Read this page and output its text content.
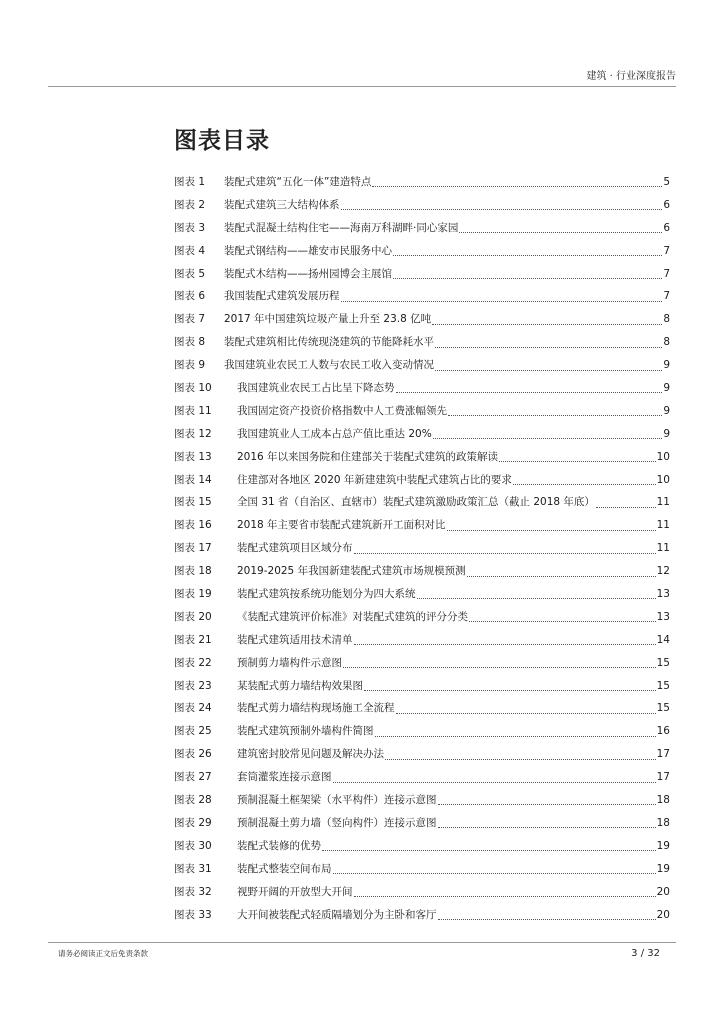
建筑 · 行业深度报告
图表目录
图表 1	装配式建筑“五化一体”建造特点	5
图表 2	装配式建筑三大结构体系	6
图表 3	装配式混凝土结构住宅——海南万科湖畔·同心家园	6
图表 4	装配式钢结构——雄安市民服务中心	7
图表 5	装配式木结构——扬州园博会主展馆	7
图表 6	我国装配式建筑发展历程	7
图表 7	2017 年中国建筑垃圾产量上升至 23.8 亿吨	8
图表 8	装配式建筑相比传统现浇建筑的节能降耗水平	8
图表 9	我国建筑业农民工人数与农民工收入变动情况	9
图表 10	我国建筑业农民工占比呈下降态势	9
图表 11	我国固定资产投资价格指数中人工费涨幅领先	9
图表 12	我国建筑业人工成本占总产值比重达 20%	9
图表 13	2016 年以来国务院和住建部关于装配式建筑的政策解读	10
图表 14	住建部对各地区 2020 年新建建筑中装配式建筑占比的要求	10
图表 15	全国 31 省（自治区、直辖市）装配式建筑激励政策汇总（截止 2018 年底）	11
图表 16	2018 年主要省市装配式建筑新开工面积对比	11
图表 17	装配式建筑项目区域分布	11
图表 18	2019-2025 年我国新建装配式建筑市场规模预测	12
图表 19	装配式建筑按系统功能划分为四大系统	13
图表 20	《装配式建筑评价标准》对装配式建筑的评分分类	13
图表 21	装配式建筑适用技术清单	14
图表 22	预制剪力墙构件示意图	15
图表 23	某装配式剪力墙结构效果图	15
图表 24	装配式剪力墙结构现场施工全流程	15
图表 25	装配式建筑预制外墙构件简图	16
图表 26	建筑密封胶常见问题及解决办法	17
图表 27	套筒灌浆连接示意图	17
图表 28	预制混凝土框架梁（水平构件）连接示意图	18
图表 29	预制混凝土剪力墙（竖向构件）连接示意图	18
图表 30	装配式装修的优势	19
图表 31	装配式整装空间布局	19
图表 32	视野开阔的开放型大开间	20
图表 33	大开间被装配式轻质隔墙划分为主卧和客厅	20
请务必阅读正文后免责条款	3 / 32
